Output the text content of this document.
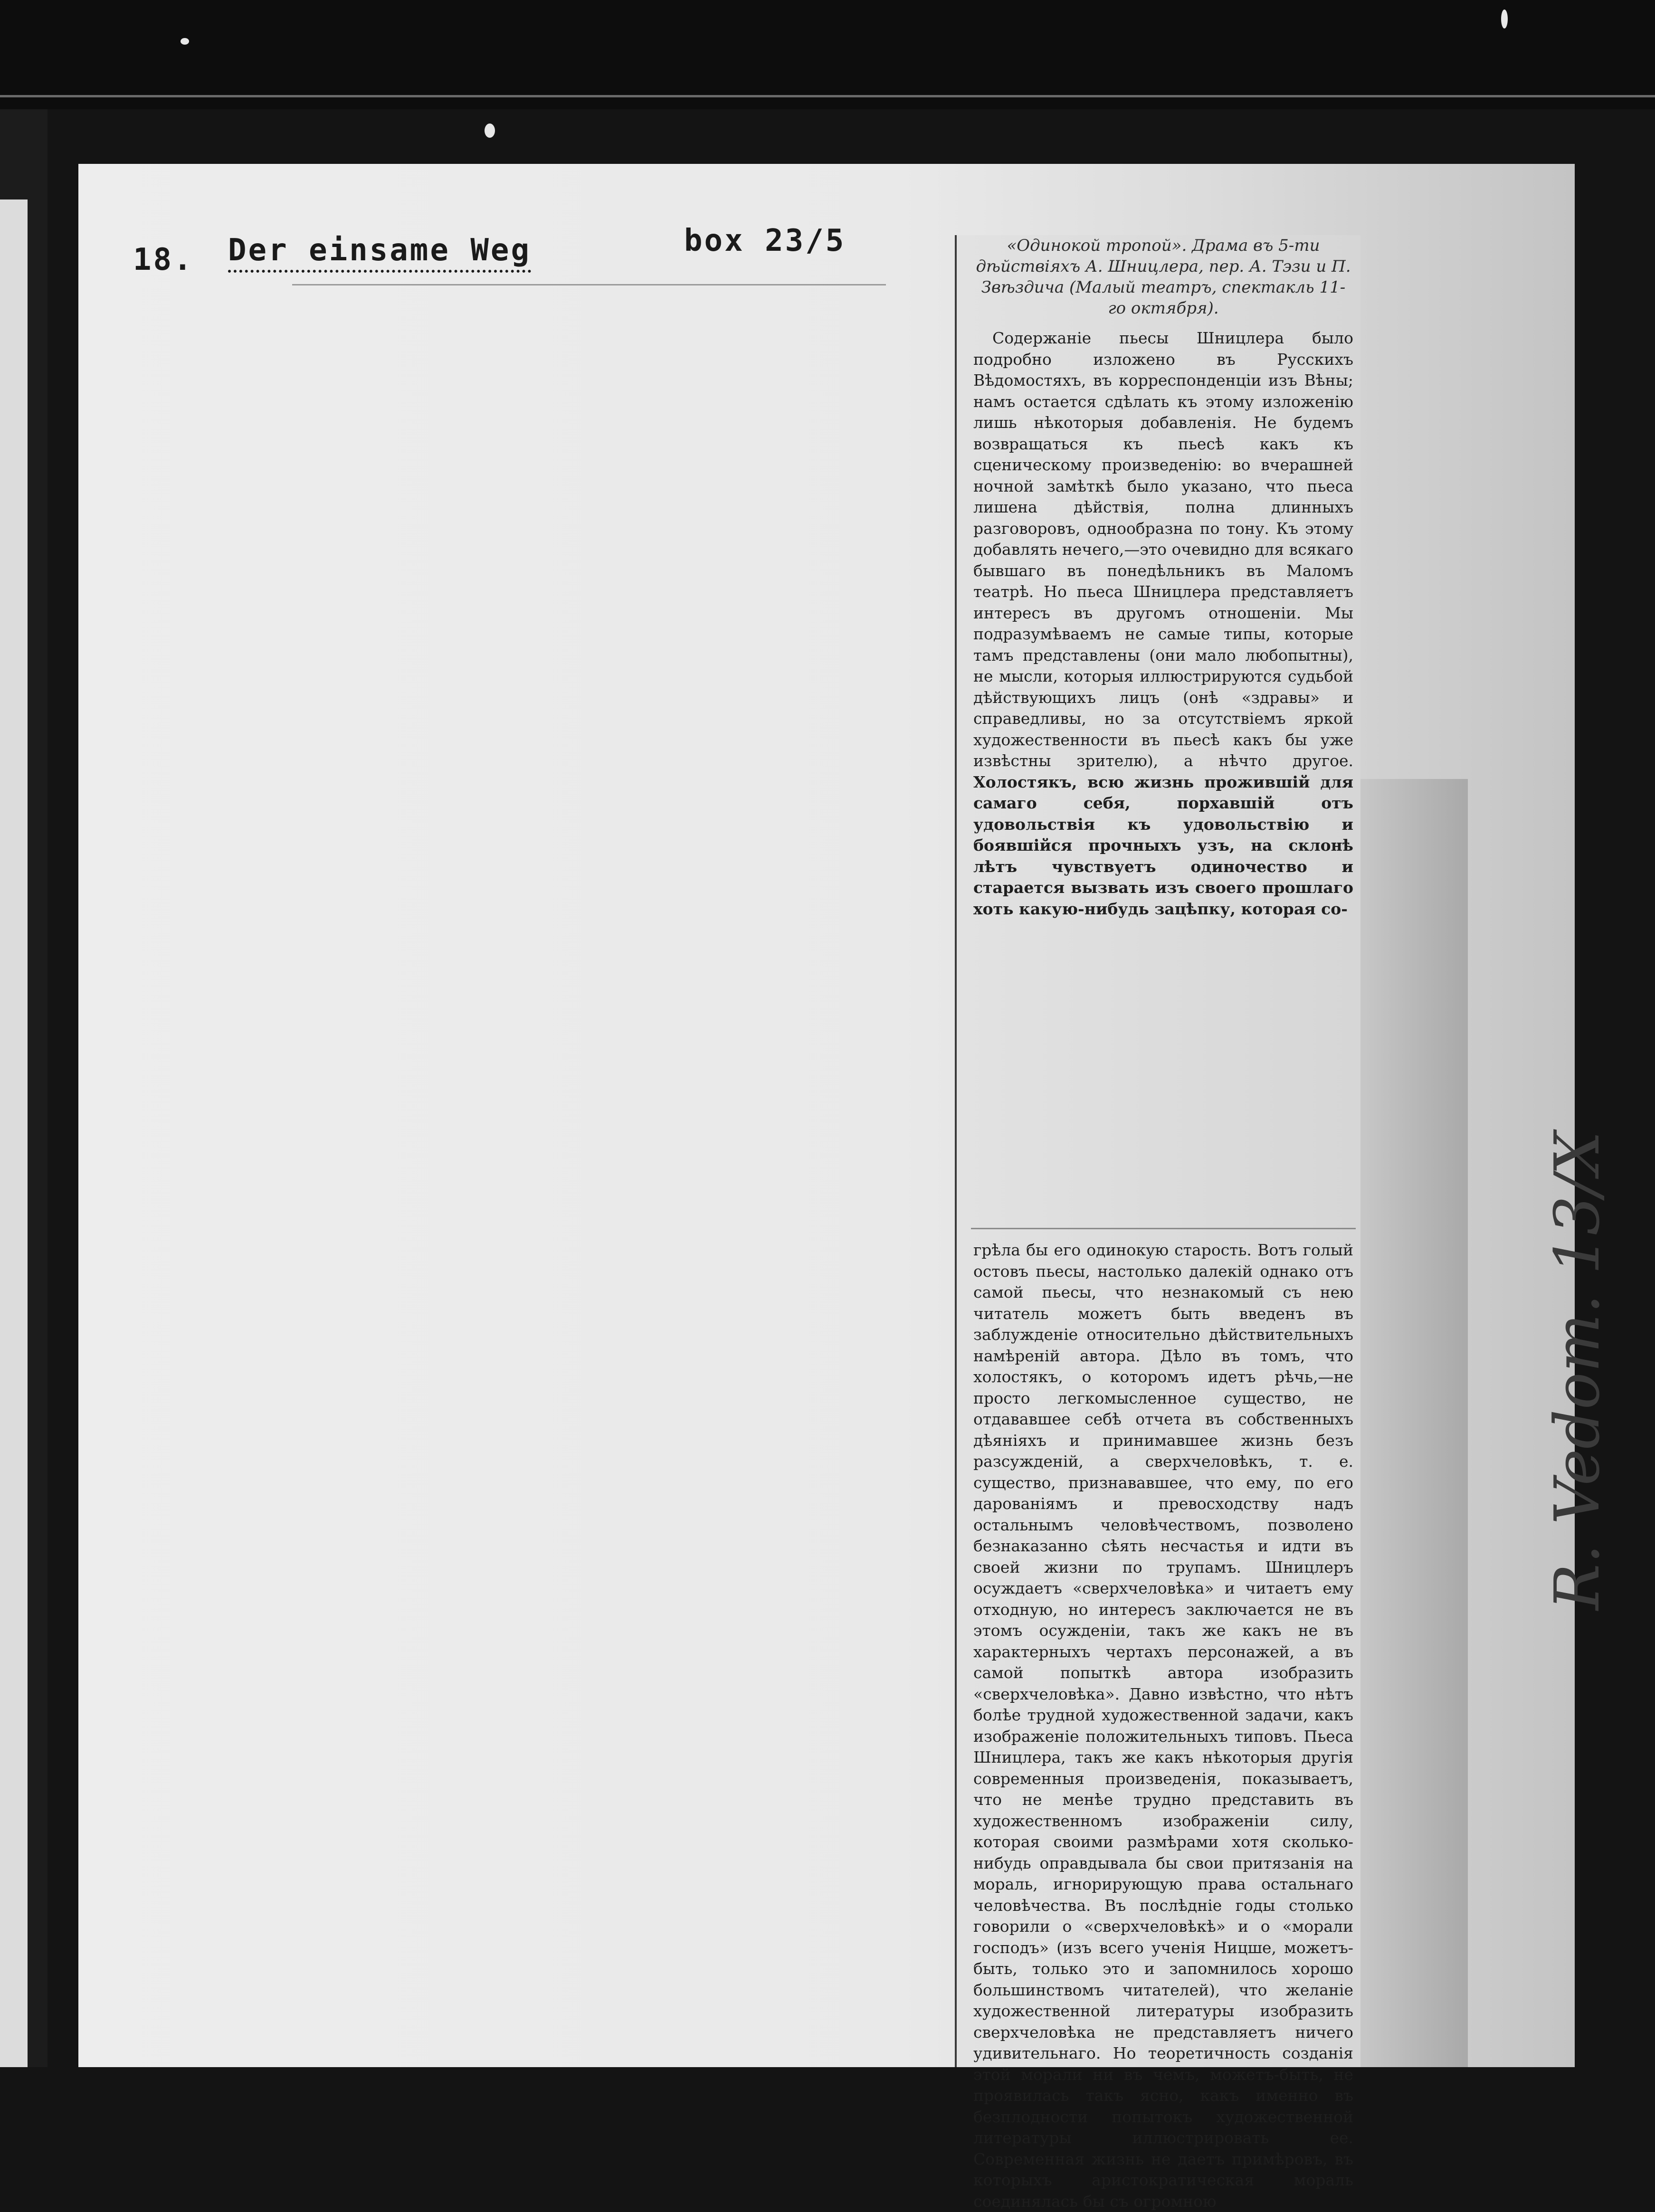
18. Der einsame Weg	box 23/5	«Одинокой тропой». Драма въ 5-ти дѣйствіяхъ А. Шницлера, пер. А. Тэзи и П. Звѣздича (Малый театръ, спектакль 11-го октября).
Содержаніе пьесы Шницлера было подробно изложено въ Русскихъ Вѣдомостяхъ, въ корреспонденціи изъ Вѣны; намъ остается сдѣлать къ этому изложенію лишь нѣкоторыя добавленія. Не будемъ возвращаться къ пьесѣ какъ къ сценическому произведенію: во вчерашней ночной замѣткѣ было указано, что пьеса лишена дѣйствія, полна длинныхъ разговоровъ, однообразна по тону. Къ этому добавлять нечего,—это очевидно для всякаго бывшаго въ понедѣльникъ въ Маломъ театрѣ. Но пьеса Шницлера представляетъ интересъ въ другомъ отношеніи. Мы подразумѣваемъ не самые типы, которые тамъ представлены (они мало любопытны), не мысли, которыя иллюстрируются судьбой дѣйствующихъ лицъ (онѣ «здравы» и справедливы, но за отсутствіемъ яркой художественности въ пьесѣ какъ бы уже извѣстны зрителю), а нѣчто другое. Холостякъ, всю жизнь прожившій для самаго себя, порхавшій отъ удовольствія къ удовольствію и боявшійся прочныхъ узъ, на склонѣ лѣтъ чувствуетъ одиночество и старается вызвать изъ своего прошлаго хоть какую-нибудь зацѣпку, которая со-
грѣла бы его одинокую старость. Вотъ голый остовъ пьесы, настолько далекій однако отъ самой пьесы, что незнакомый съ нею читатель можетъ быть введенъ въ заблужденіе относительно дѣйствительныхъ намѣреній автора. Дѣло въ томъ, что холостякъ, о которомъ идетъ рѣчь,—не просто легкомысленное существо, не отдававшее себѣ отчета въ собственныхъ дѣяніяхъ и принимавшее жизнь безъ разсужденій, а сверхчеловѣкъ, т. е. существо, признававшее, что ему, по его дарованіямъ и превосходству надъ остальнымъ человѣчествомъ, позволено безнаказанно сѣять несчастья и идти въ своей жизни по трупамъ. Шницлеръ осуждаетъ «сверхчеловѣка» и читаетъ ему отходную, но интересъ заключается не въ этомъ осужденіи, такъ же какъ не въ характерныхъ чертахъ персонажей, а въ самой попыткѣ автора изобразить «сверхчеловѣка». Давно извѣстно, что нѣтъ болѣе трудной художественной задачи, какъ изображеніе положительныхъ типовъ. Пьеса Шницлера, такъ же какъ нѣкоторыя другія современныя произведенія, показываетъ, что не менѣе трудно представить въ художественномъ изображеніи силу, которая своими размѣрами хотя сколько-нибудь оправдывала бы свои притязанія на мораль, игнорирующую права остальнаго человѣчества. Въ послѣдніе годы столько говорили о «сверхчеловѣкѣ» и о «морали господъ» (изъ всего ученія Ницше, можетъ-быть, только это и запомнилось хорошо большинствомъ читателей), что желаніе художественной литературы изобразить сверхчеловѣка не представляетъ ничего удивительнаго. Но теоретичность созданія этой морали ни въ чемъ, можетъ-быть, не проявилась такъ ясно, какъ именно въ безплодности попытокъ художественной литературы иллюстрировать ее. Современная жизнь не даетъ примѣровъ, въ которыхъ аристократическая мораль соединялась бы съ огромною
R. Vedom. 13/X
